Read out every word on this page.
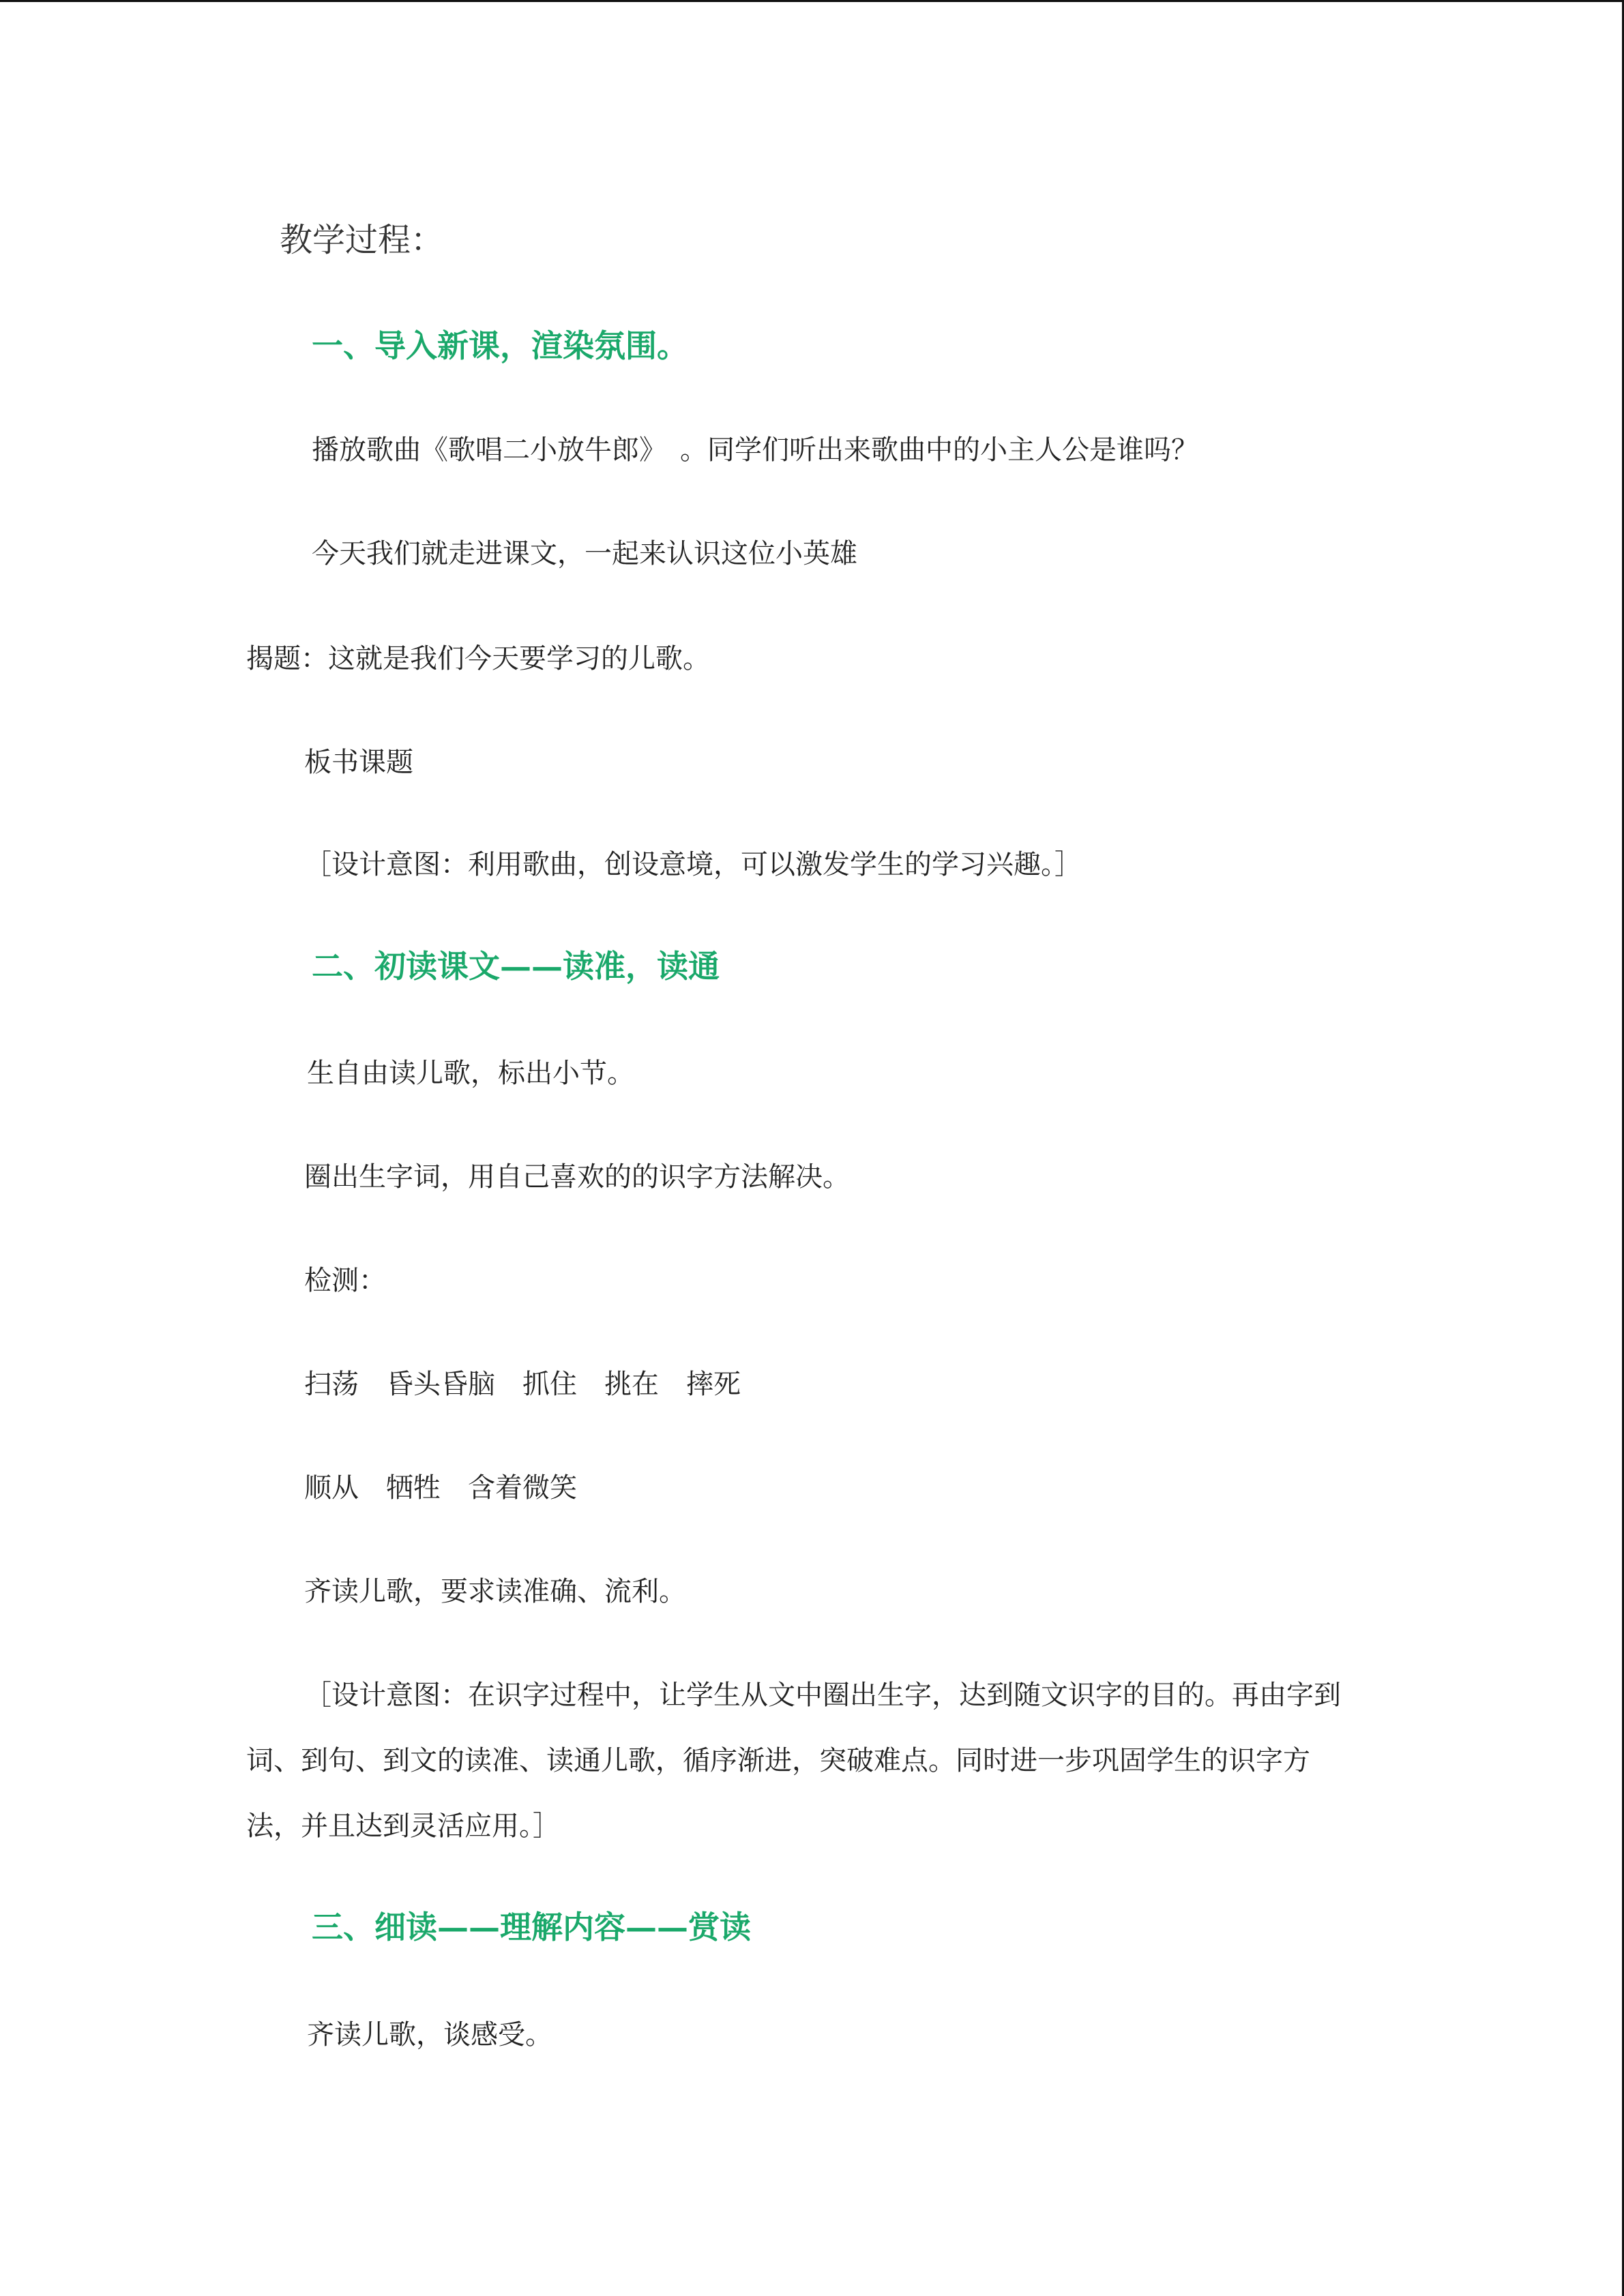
教学过程：
一、导入新课，渲染氛围。
播放歌曲《歌唱二小放牛郎》　。同学们听出来歌曲中的小主人公是谁吗？
今天我们就走进课文，一起来认识这位小英雄
揭题：这就是我们今天要学习的儿歌。
板书课题
［设计意图：利用歌曲，创设意境，可以激发学生的学习兴趣。］
二、初读课文——读准，读通
生自由读儿歌，标出小节。
圈出生字词，用自己喜欢的的识字方法解决。
检测：
扫荡　昏头昏脑　抓住　挑在　摔死
顺从　牺牲　含着微笑
齐读儿歌，要求读准确、流利。
［设计意图：在识字过程中，让学生从文中圈出生字，达到随文识字的目的。再由字到
词、到句、到文的读准、读通儿歌，循序渐进，突破难点。同时进一步巩固学生的识字方
法，并且达到灵活应用。］
三、细读——理解内容——赏读
齐读儿歌，谈感受。
